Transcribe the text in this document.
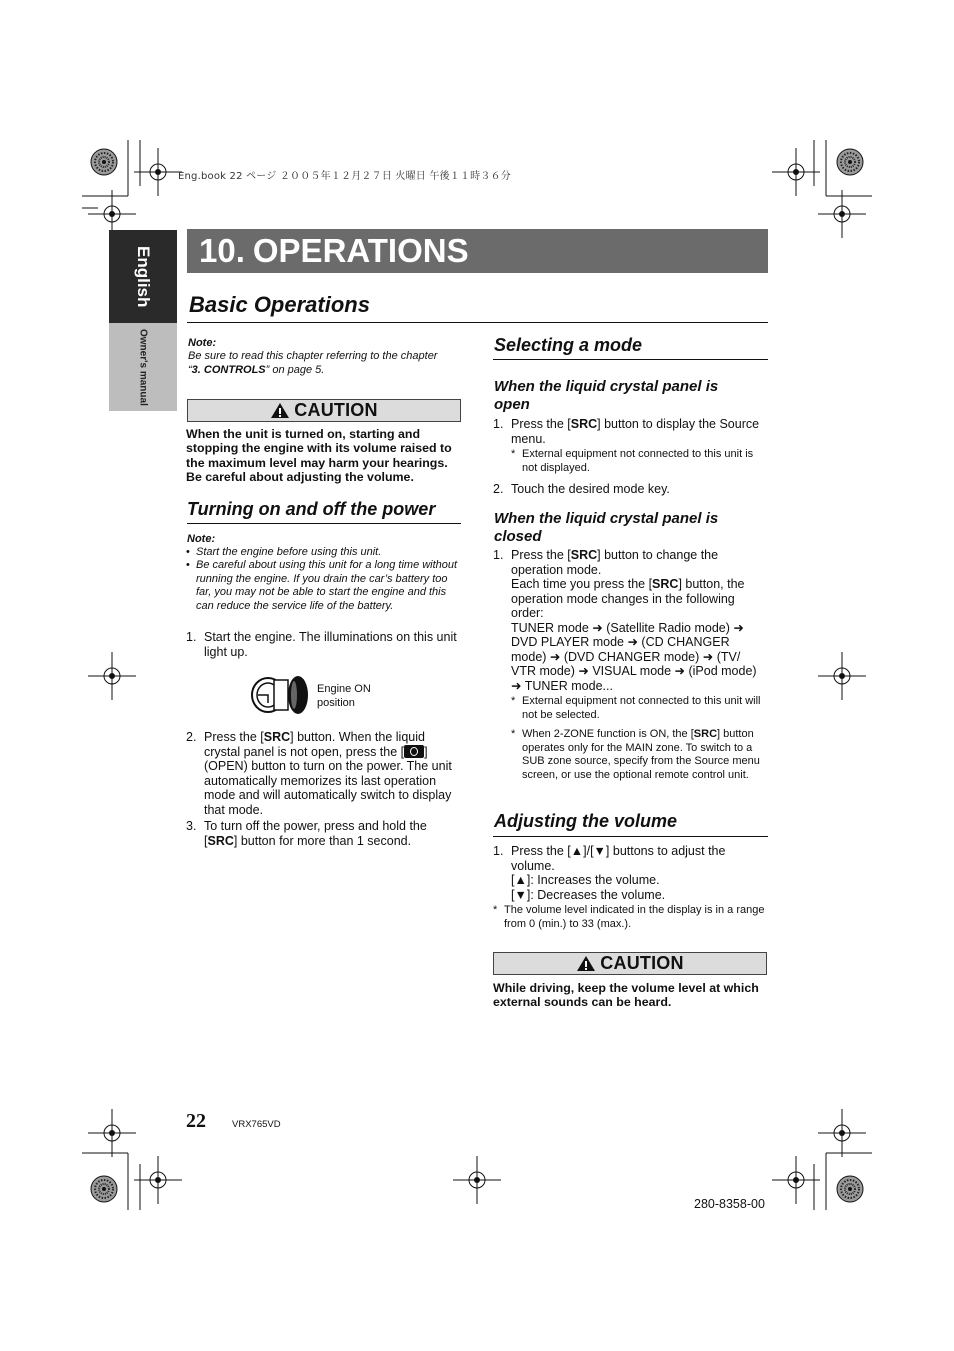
Eng.book 22 ページ ２００５年１２月２７日 火曜日 午後１１時３６分
English
Owner's manual
10. OPERATIONS
Basic Operations
Note:
Be sure to read this chapter referring to the chapter
“3. CONTROLS” on page 5.
CAUTION
When the unit is turned on, starting and stopping the engine with its volume raised to the maximum level may harm your hearings. Be careful about adjusting the volume.
Turning on and off the power
Note:
• Start the engine before using this unit.
• Be careful about using this unit for a long time without running the engine. If you drain the car’s battery too far, you may not be able to start the engine and this can reduce the service life of the battery.
1. Start the engine. The illuminations on this unit light up.
Engine ON
position
2. Press the [SRC] button. When the liquid crystal panel is not open, press the [ ] (OPEN) button to turn on the power. The unit automatically memorizes its last operation mode and will automatically switch to display that mode.
3. To turn off the power, press and hold the [SRC] button for more than 1 second.
Selecting a mode
When the liquid crystal panel is open
1. Press the [SRC] button to display the Source menu.
* External equipment not connected to this unit is not displayed.
2. Touch the desired mode key.
When the liquid crystal panel is closed
1. Press the [SRC] button to change the operation mode.
Each time you press the [SRC] button, the operation mode changes in the following order:
TUNER mode ➜ (Satellite Radio mode) ➜ DVD PLAYER mode ➜ (CD CHANGER mode) ➜ (DVD CHANGER mode) ➜ (TV/ VTR mode) ➜ VISUAL mode ➜ (iPod mode) ➜ TUNER mode...
* External equipment not connected to this unit will not be selected.
* When 2-ZONE function is ON, the [SRC] button operates only for the MAIN zone. To switch to a SUB zone source, specify from the Source menu screen, or use the optional remote control unit.
Adjusting the volume
1. Press the [▲]/[▼] buttons to adjust the volume.
[▲]: Increases the volume.
[▼]: Decreases the volume.
* The volume level indicated in the display is in a range from 0 (min.) to 33 (max.).
CAUTION
While driving, keep the volume level at which external sounds can be heard.
22	VRX765VD
280-8358-00
